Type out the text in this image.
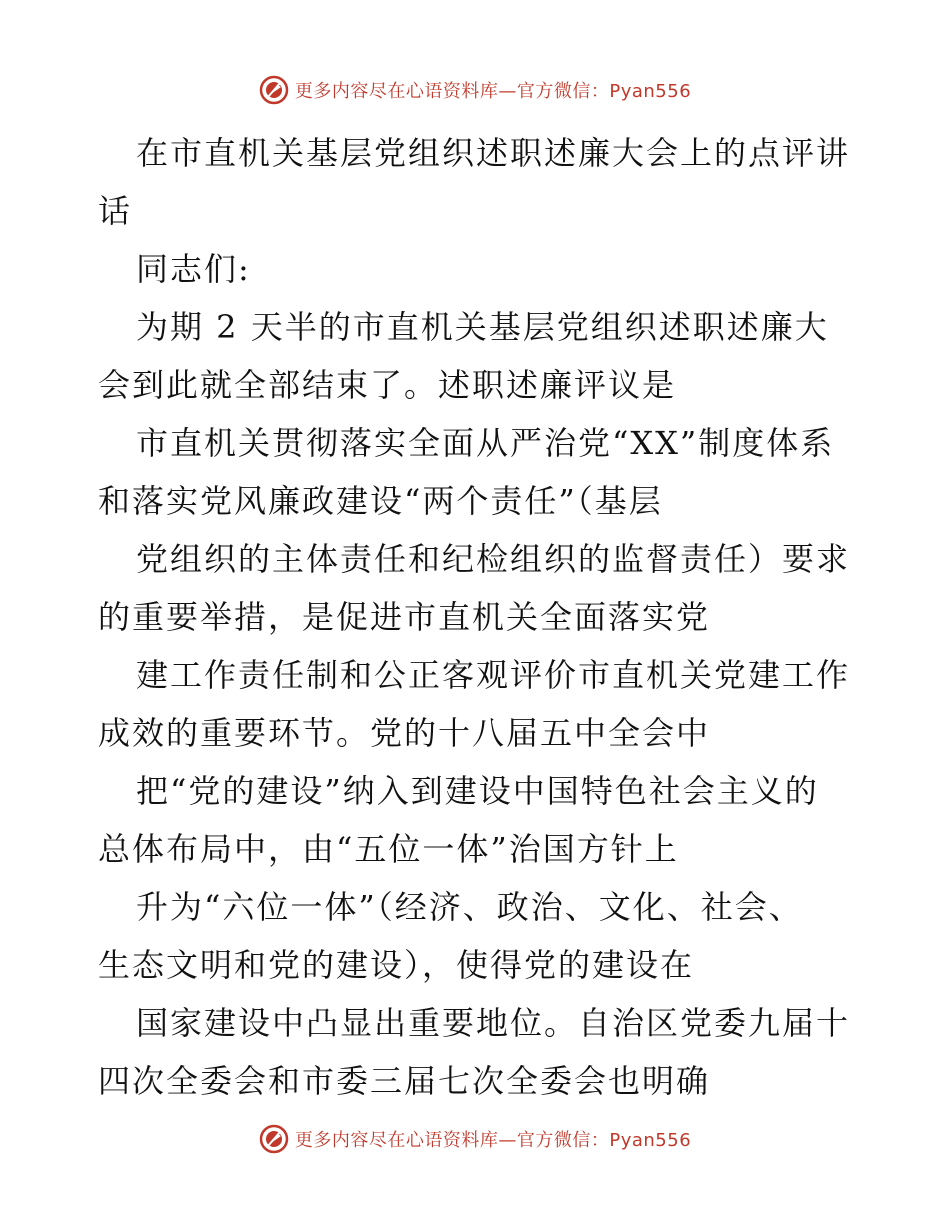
更多内容尽在心语资料库—官方微信：Pyan556
在市直机关基层党组织述职述廉大会上的点评讲
话
同志们:
为期 2 天半的市直机关基层党组织述职述廉大
会到此就全部结束了。述职述廉评议是
市直机关贯彻落实全面从严治党“XX”制度体系
和落实党风廉政建设“两个责任”（基层
党组织的主体责任和纪检组织的监督责任）要求
的重要举措，是促进市直机关全面落实党
建工作责任制和公正客观评价市直机关党建工作
成效的重要环节。党的十八届五中全会中
把“党的建设”纳入到建设中国特色社会主义的
总体布局中，由“五位一体”治国方针上
升为“六位一体”（经济、政治、文化、社会、
生态文明和党的建设），使得党的建设在
国家建设中凸显出重要地位。自治区党委九届十
四次全委会和市委三届七次全委会也明确
更多内容尽在心语资料库—官方微信：Pyan556
